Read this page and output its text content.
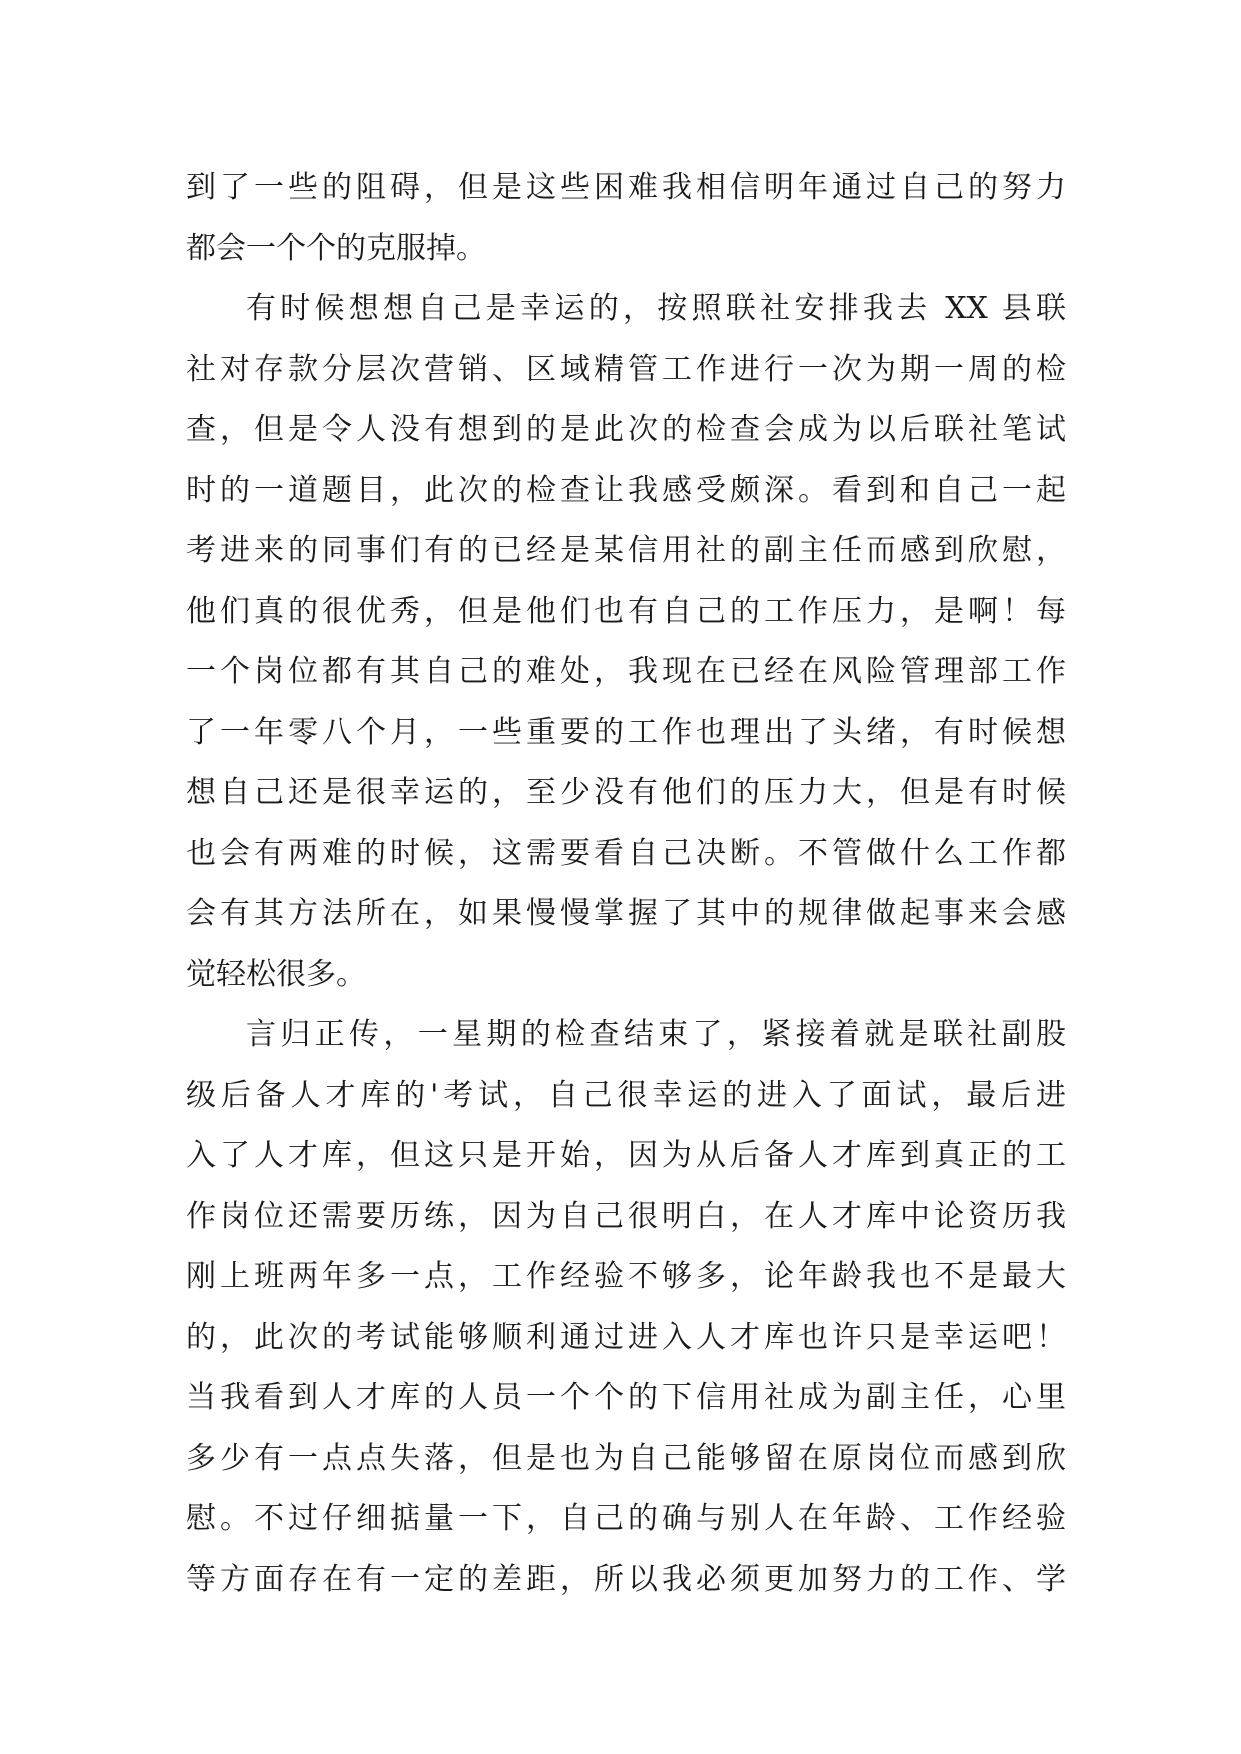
到了一些的阻碍，但是这些困难我相信明年通过自己的努力
都会一个个的克服掉。
有时候想想自己是幸运的，按照联社安排我去 XX 县联
社对存款分层次营销、区域精管工作进行一次为期一周的检
查，但是令人没有想到的是此次的检查会成为以后联社笔试
时的一道题目，此次的检查让我感受颇深。看到和自己一起
考进来的同事们有的已经是某信用社的副主任而感到欣慰，
他们真的很优秀，但是他们也有自己的工作压力，是啊！每
一个岗位都有其自己的难处，我现在已经在风险管理部工作
了一年零八个月，一些重要的工作也理出了头绪，有时候想
想自己还是很幸运的，至少没有他们的压力大，但是有时候
也会有两难的时候，这需要看自己决断。不管做什么工作都
会有其方法所在，如果慢慢掌握了其中的规律做起事来会感
觉轻松很多。
言归正传，一星期的检查结束了，紧接着就是联社副股
级后备人才库的'考试，自己很幸运的进入了面试，最后进
入了人才库，但这只是开始，因为从后备人才库到真正的工
作岗位还需要历练，因为自己很明白，在人才库中论资历我
刚上班两年多一点，工作经验不够多，论年龄我也不是最大
的，此次的考试能够顺利通过进入人才库也许只是幸运吧！
当我看到人才库的人员一个个的下信用社成为副主任，心里
多少有一点点失落，但是也为自己能够留在原岗位而感到欣
慰。不过仔细掂量一下，自己的确与别人在年龄、工作经验
等方面存在有一定的差距，所以我必须更加努力的工作、学
